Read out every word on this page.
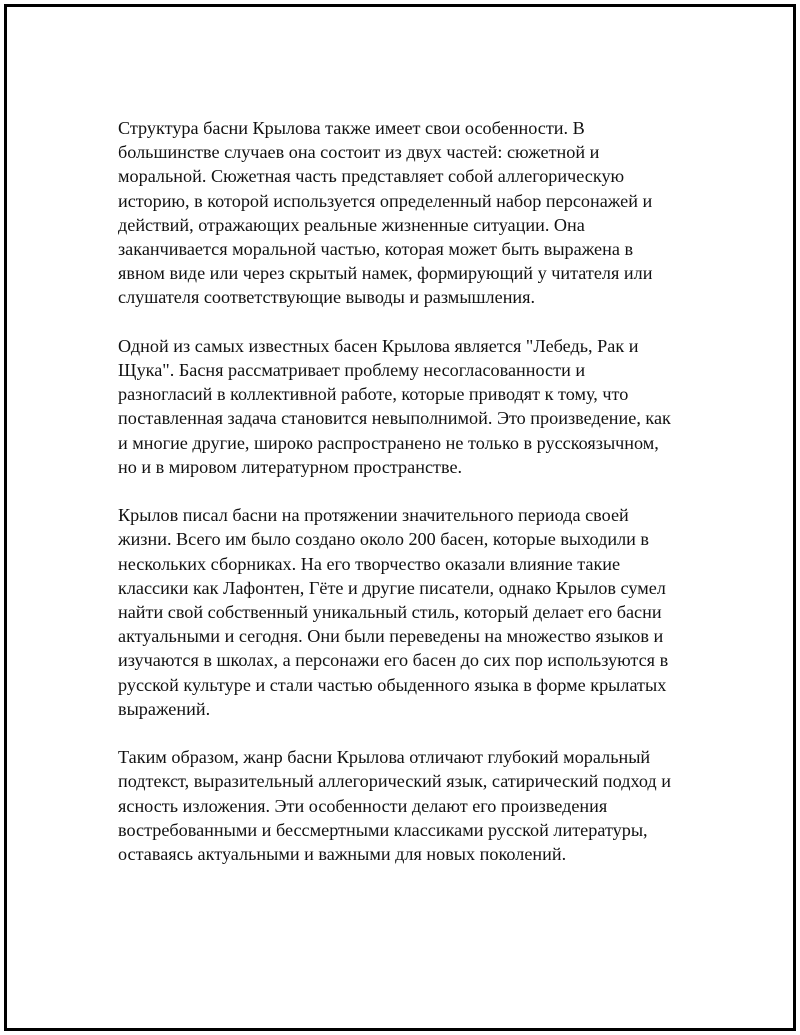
Структура басни Крылова также имеет свои особенности. В
большинстве случаев она состоит из двух частей: сюжетной и
моральной. Сюжетная часть представляет собой аллегорическую
историю, в которой используется определенный набор персонажей и
действий, отражающих реальные жизненные ситуации. Она
заканчивается моральной частью, которая может быть выражена в
явном виде или через скрытый намек, формирующий у читателя или
слушателя соответствующие выводы и размышления.

Одной из самых известных басен Крылова является "Лебедь, Рак и
Щука". Басня рассматривает проблему несогласованности и
разногласий в коллективной работе, которые приводят к тому, что
поставленная задача становится невыполнимой. Это произведение, как
и многие другие, широко распространено не только в русскоязычном,
но и в мировом литературном пространстве.

Крылов писал басни на протяжении значительного периода своей
жизни. Всего им было создано около 200 басен, которые выходили в
нескольких сборниках. На его творчество оказали влияние такие
классики как Лафонтен, Гёте и другие писатели, однако Крылов сумел
найти свой собственный уникальный стиль, который делает его басни
актуальными и сегодня. Они были переведены на множество языков и
изучаются в школах, а персонажи его басен до сих пор используются в
русской культуре и стали частью обыденного языка в форме крылатых
выражений.

Таким образом, жанр басни Крылова отличают глубокий моральный
подтекст, выразительный аллегорический язык, сатирический подход и
ясность изложения. Эти особенности делают его произведения
востребованными и бессмертными классиками русской литературы,
оставаясь актуальными и важными для новых поколений.
